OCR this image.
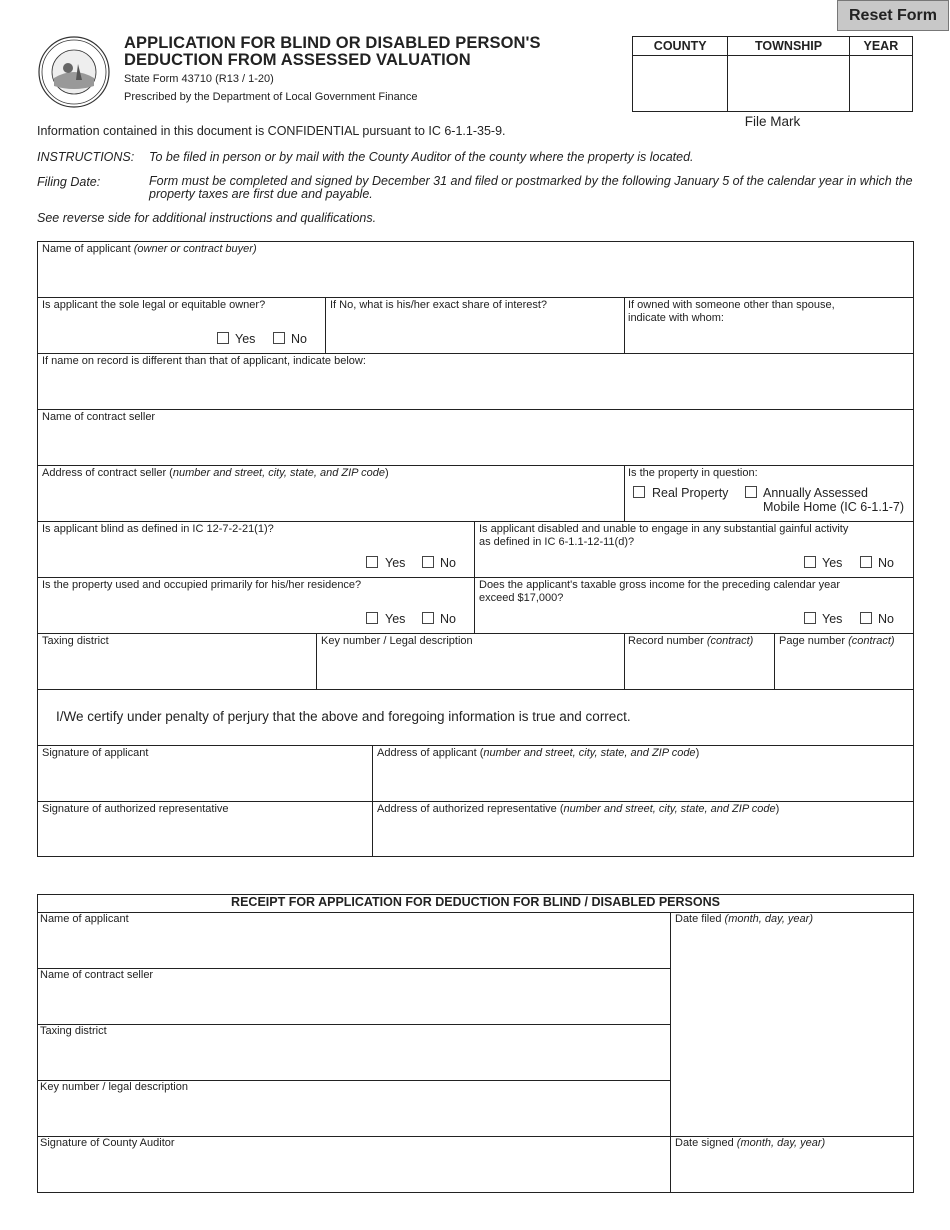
Reset Form
APPLICATION FOR BLIND OR DISABLED PERSON'S
DEDUCTION FROM ASSESSED VALUATION
State Form 43710 (R13 / 1-20)
Prescribed by the Department of Local Government Finance
COUNTY	TOWNSHIP	YEAR

File Mark
Information contained in this document is CONFIDENTIAL pursuant to IC 6-1.1-35-9.
INSTRUCTIONS: To be filed in person or by mail with the County Auditor of the county where the property is located.
Filing Date:	Form must be completed and signed by December 31 and filed or postmarked by the following January 5 of the calendar year in which the
property taxes are first due and payable.
See reverse side for additional instructions and qualifications.
Name of applicant (owner or contract buyer)
Is applicant the sole legal or equitable owner?
Yes	No
If No, what is his/her exact share of interest?	If owned with someone other than spouse,
indicate with whom:
If name on record is different than that of applicant, indicate below:
Name of contract seller
Address of contract seller (number and street, city, state, and ZIP code)	Is the property in question:
Real Property	Annually Assessed
Mobile Home (IC 6-1.1-7)
Is applicant blind as defined in IC 12-7-2-21(1)?
Yes	No
Is applicant disabled and unable to engage in any substantial gainful activity
as defined in IC 6-1.1-12-11(d)?
Yes	No
Is the property used and occupied primarily for his/her residence?
Yes	No
Does the applicant's taxable gross income for the preceding calendar year
exceed $17,000?
Yes	No
Taxing district	Key number / Legal description	Record number (contract) Page number (contract)
I/We certify under penalty of perjury that the above and foregoing information is true and correct.
Signature of applicant	Address of applicant (number and street, city, state, and ZIP code)
Signature of authorized representative	Address of authorized representative (number and street, city, state, and ZIP code)
RECEIPT FOR APPLICATION FOR DEDUCTION FOR BLIND / DISABLED PERSONS
Name of applicant
Name of contract seller
Taxing district
Key number / legal description
Signature of County Auditor
Date filed (month, day, year)
Date signed (month, day, year)
